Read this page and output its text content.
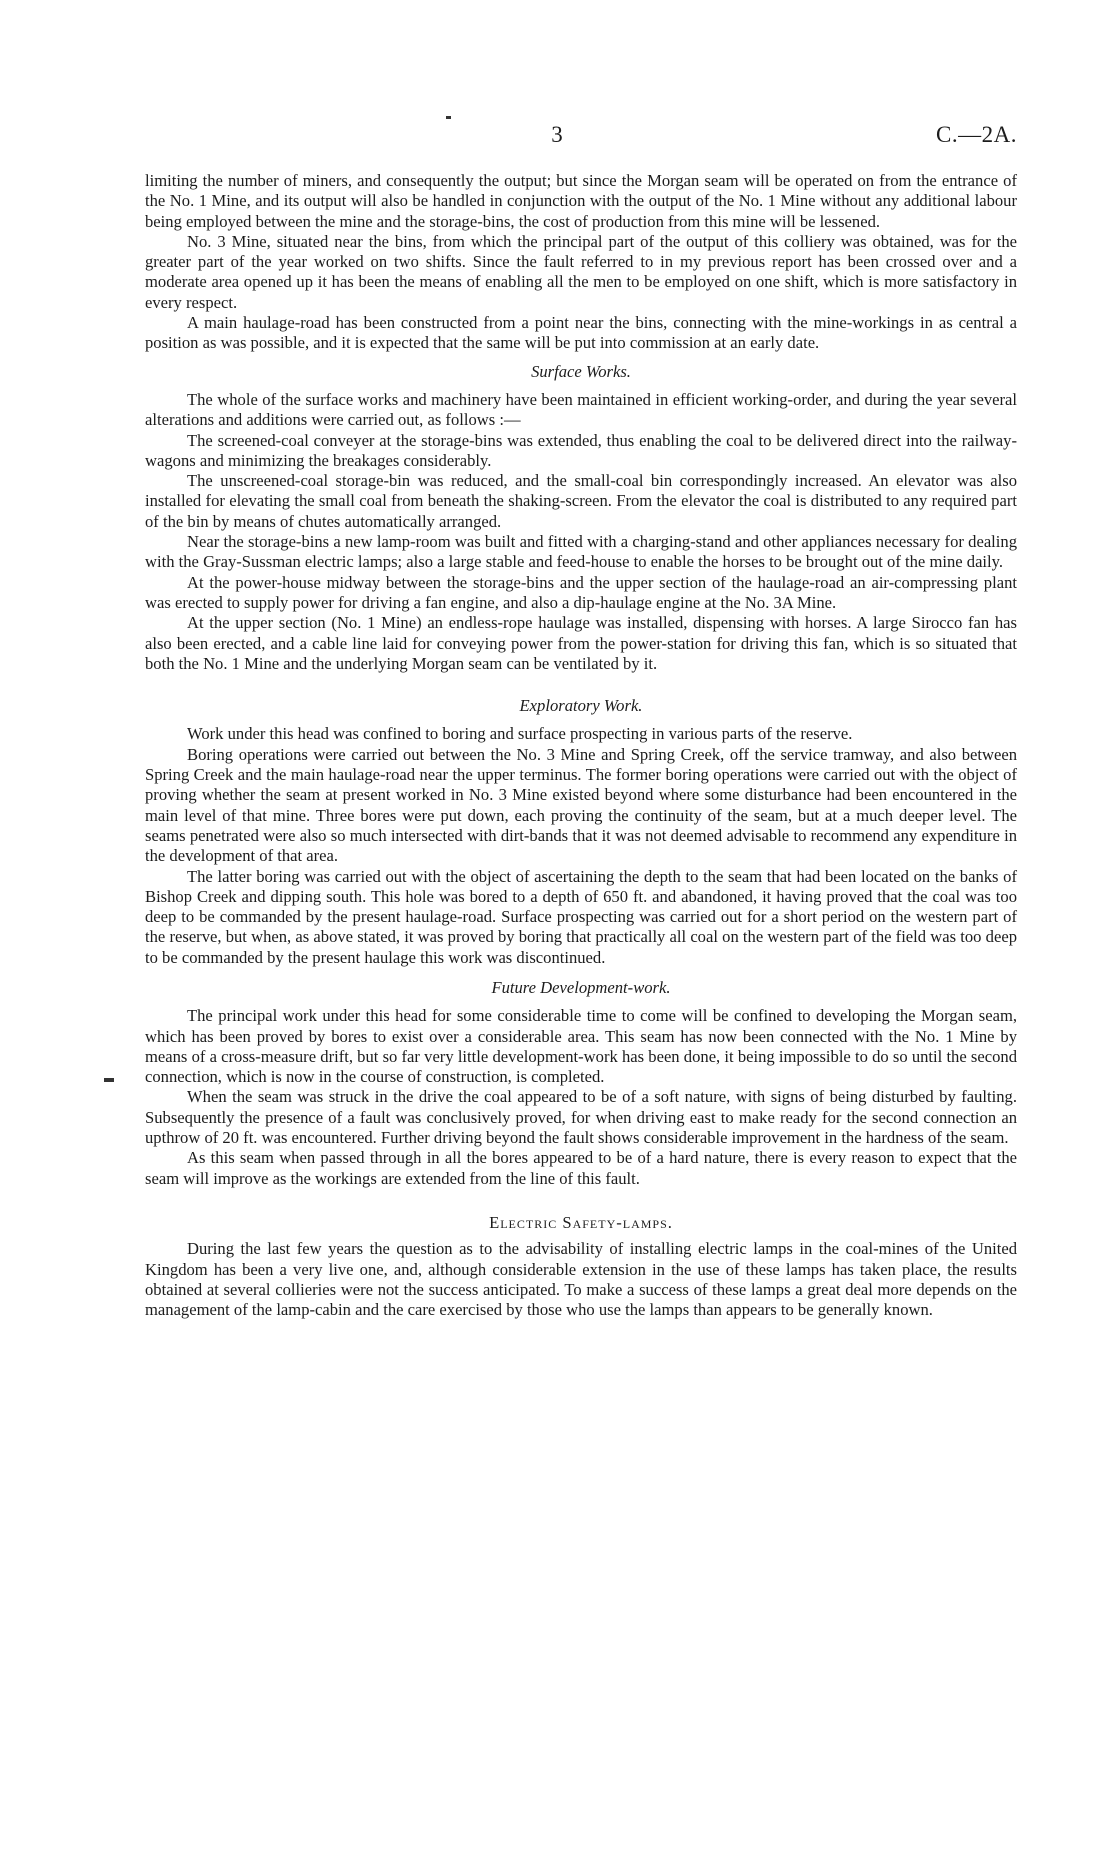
3	C.—2A.

limiting the number of miners, and consequently the output; but since the Morgan seam will be operated on from the entrance of the No. 1 Mine, and its output will also be handled in conjunction with the output of the No. 1 Mine without any additional labour being employed between the mine and the storage-bins, the cost of production from this mine will be lessened.

No. 3 Mine, situated near the bins, from which the principal part of the output of this colliery was obtained, was for the greater part of the year worked on two shifts. Since the fault referred to in my previous report has been crossed over and a moderate area opened up it has been the means of enabling all the men to be employed on one shift, which is more satisfactory in every respect.

A main haulage-road has been constructed from a point near the bins, connecting with the mine-workings in as central a position as was possible, and it is expected that the same will be put into commission at an early date.

Surface Works.

The whole of the surface works and machinery have been maintained in efficient working-order, and during the year several alterations and additions were carried out, as follows :—

The screened-coal conveyer at the storage-bins was extended, thus enabling the coal to be delivered direct into the railway-wagons and minimizing the breakages considerably.

The unscreened-coal storage-bin was reduced, and the small-coal bin correspondingly increased. An elevator was also installed for elevating the small coal from beneath the shaking-screen. From the elevator the coal is distributed to any required part of the bin by means of chutes automatically arranged.

Near the storage-bins a new lamp-room was built and fitted with a charging-stand and other appliances necessary for dealing with the Gray-Sussman electric lamps; also a large stable and feed-house to enable the horses to be brought out of the mine daily.

At the power-house midway between the storage-bins and the upper section of the haulage-road an air-compressing plant was erected to supply power for driving a fan engine, and also a dip-haulage engine at the No. 3A Mine.

At the upper section (No. 1 Mine) an endless-rope haulage was installed, dispensing with horses. A large Sirocco fan has also been erected, and a cable line laid for conveying power from the power-station for driving this fan, which is so situated that both the No. 1 Mine and the underlying Morgan seam can be ventilated by it.

Exploratory Work.

Work under this head was confined to boring and surface prospecting in various parts of the reserve.

Boring operations were carried out between the No. 3 Mine and Spring Creek, off the service tramway, and also between Spring Creek and the main haulage-road near the upper terminus. The former boring operations were carried out with the object of proving whether the seam at present worked in No. 3 Mine existed beyond where some disturbance had been encountered in the main level of that mine. Three bores were put down, each proving the continuity of the seam, but at a much deeper level. The seams penetrated were also so much intersected with dirt-bands that it was not deemed advisable to recommend any expenditure in the development of that area.

The latter boring was carried out with the object of ascertaining the depth to the seam that had been located on the banks of Bishop Creek and dipping south. This hole was bored to a depth of 650 ft. and abandoned, it having proved that the coal was too deep to be commanded by the present haulage-road. Surface prospecting was carried out for a short period on the western part of the reserve, but when, as above stated, it was proved by boring that practically all coal on the western part of the field was too deep to be commanded by the present haulage this work was discontinued.

Future Development-work.

The principal work under this head for some considerable time to come will be confined to developing the Morgan seam, which has been proved by bores to exist over a considerable area. This seam has now been connected with the No. 1 Mine by means of a cross-measure drift, but so far very little development-work has been done, it being impossible to do so until the second connection, which is now in the course of construction, is completed.

When the seam was struck in the drive the coal appeared to be of a soft nature, with signs of being disturbed by faulting. Subsequently the presence of a fault was conclusively proved, for when driving east to make ready for the second connection an upthrow of 20 ft. was encountered. Further driving beyond the fault shows considerable improvement in the hardness of the seam.

As this seam when passed through in all the bores appeared to be of a hard nature, there is every reason to expect that the seam will improve as the workings are extended from the line of this fault.

Electric Safety-lamps.

During the last few years the question as to the advisability of installing electric lamps in the coal-mines of the United Kingdom has been a very live one, and, although considerable extension in the use of these lamps has taken place, the results obtained at several collieries were not the success anticipated. To make a success of these lamps a great deal more depends on the management of the lamp-cabin and the care exercised by those who use the lamps than appears to be generally known.
